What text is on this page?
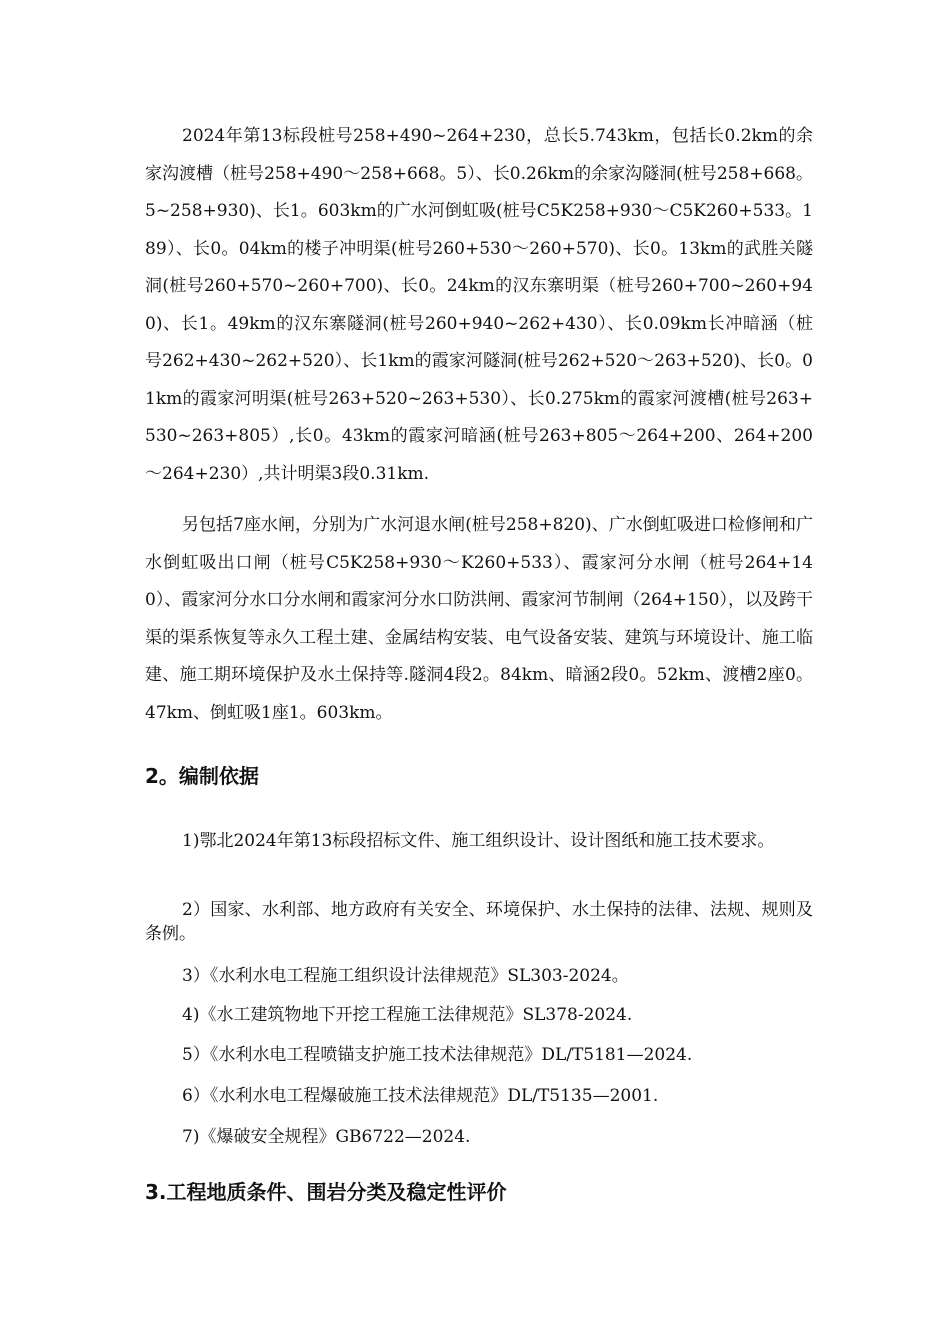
2024年第13标段桩号258+490~264+230，总长5.743km，包括长0.2km的余家沟渡槽（桩号258+490～258+668。5）、长0.26km的余家沟隧洞(桩号258+668。5~258+930)、长1。603km的广水河倒虹吸(桩号C5K258+930～C5K260+533。189）、长0。04km的楼子冲明渠(桩号260+530～260+570)、长0。13km的武胜关隧洞(桩号260+570~260+700)、长0。24km的汉东寨明渠（桩号260+700~260+940)、长1。49km的汉东寨隧洞(桩号260+940~262+430）、长0.09km长冲暗涵（桩号262+430~262+520）、长1km的霞家河隧洞(桩号262+520～263+520)、长0。01km的霞家河明渠(桩号263+520~263+530）、长0.275km的霞家河渡槽(桩号263+530~263+805）,长0。43km的霞家河暗涵(桩号263+805～264+200、264+200～264+230）,共计明渠3段0.31km.

另包括7座水闸，分别为广水河退水闸(桩号258+820)、广水倒虹吸进口检修闸和广水倒虹吸出口闸（桩号C5K258+930～K260+533）、霞家河分水闸（桩号264+140）、霞家河分水口分水闸和霞家河分水口防洪闸、霞家河节制闸（264+150），以及跨干渠的渠系恢复等永久工程土建、金属结构安装、电气设备安装、建筑与环境设计、施工临建、施工期环境保护及水土保持等.隧洞4段2。84km、暗涵2段0。52km、渡槽2座0。47km、倒虹吸1座1。603km。

2。编制依据

1)鄂北2024年第13标段招标文件、施工组织设计、设计图纸和施工技术要求。

2）国家、水利部、地方政府有关安全、环境保护、水土保持的法律、法规、规则及条例。

3）《水利水电工程施工组织设计法律规范》SL303-2024。

4)《水工建筑物地下开挖工程施工法律规范》SL378-2024.

5）《水利水电工程喷锚支护施工技术法律规范》DL/T5181—2024.

6）《水利水电工程爆破施工技术法律规范》DL/T5135—2001.

7)《爆破安全规程》GB6722—2024.

3.工程地质条件、围岩分类及稳定性评价
